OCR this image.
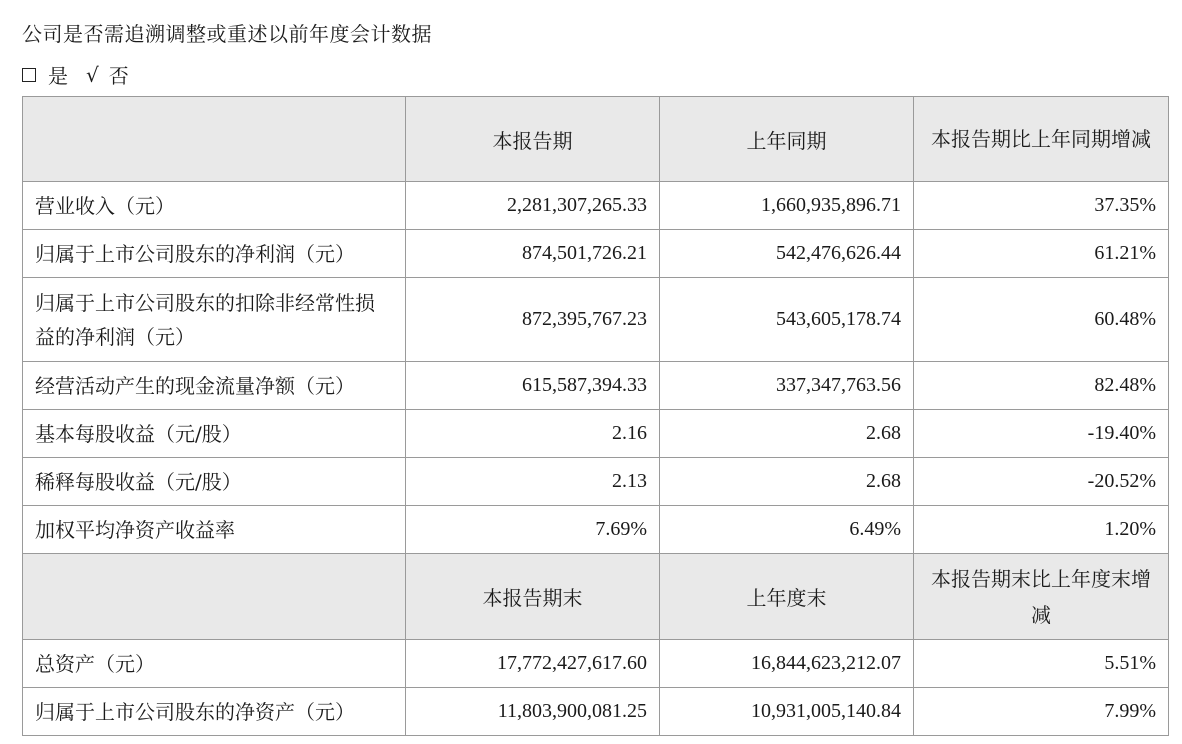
公司是否需追溯调整或重述以前年度会计数据
是 √ 否
	本报告期	上年同期	本报告期比上年同期增减
营业收入（元）	2,281,307,265.33	1,660,935,896.71	37.35%
归属于上市公司股东的净利润（元）	874,501,726.21	542,476,626.44	61.21%
归属于上市公司股东的扣除非经常性损益的净利润（元）	872,395,767.23	543,605,178.74	60.48%
经营活动产生的现金流量净额（元）	615,587,394.33	337,347,763.56	82.48%
基本每股收益（元/股）	2.16	2.68	-19.40%
稀释每股收益（元/股）	2.13	2.68	-20.52%
加权平均净资产收益率	7.69%	6.49%	1.20%
	本报告期末	上年度末	本报告期末比上年度末增减
总资产（元）	17,772,427,617.60	16,844,623,212.07	5.51%
归属于上市公司股东的净资产（元）	11,803,900,081.25	10,931,005,140.84	7.99%
